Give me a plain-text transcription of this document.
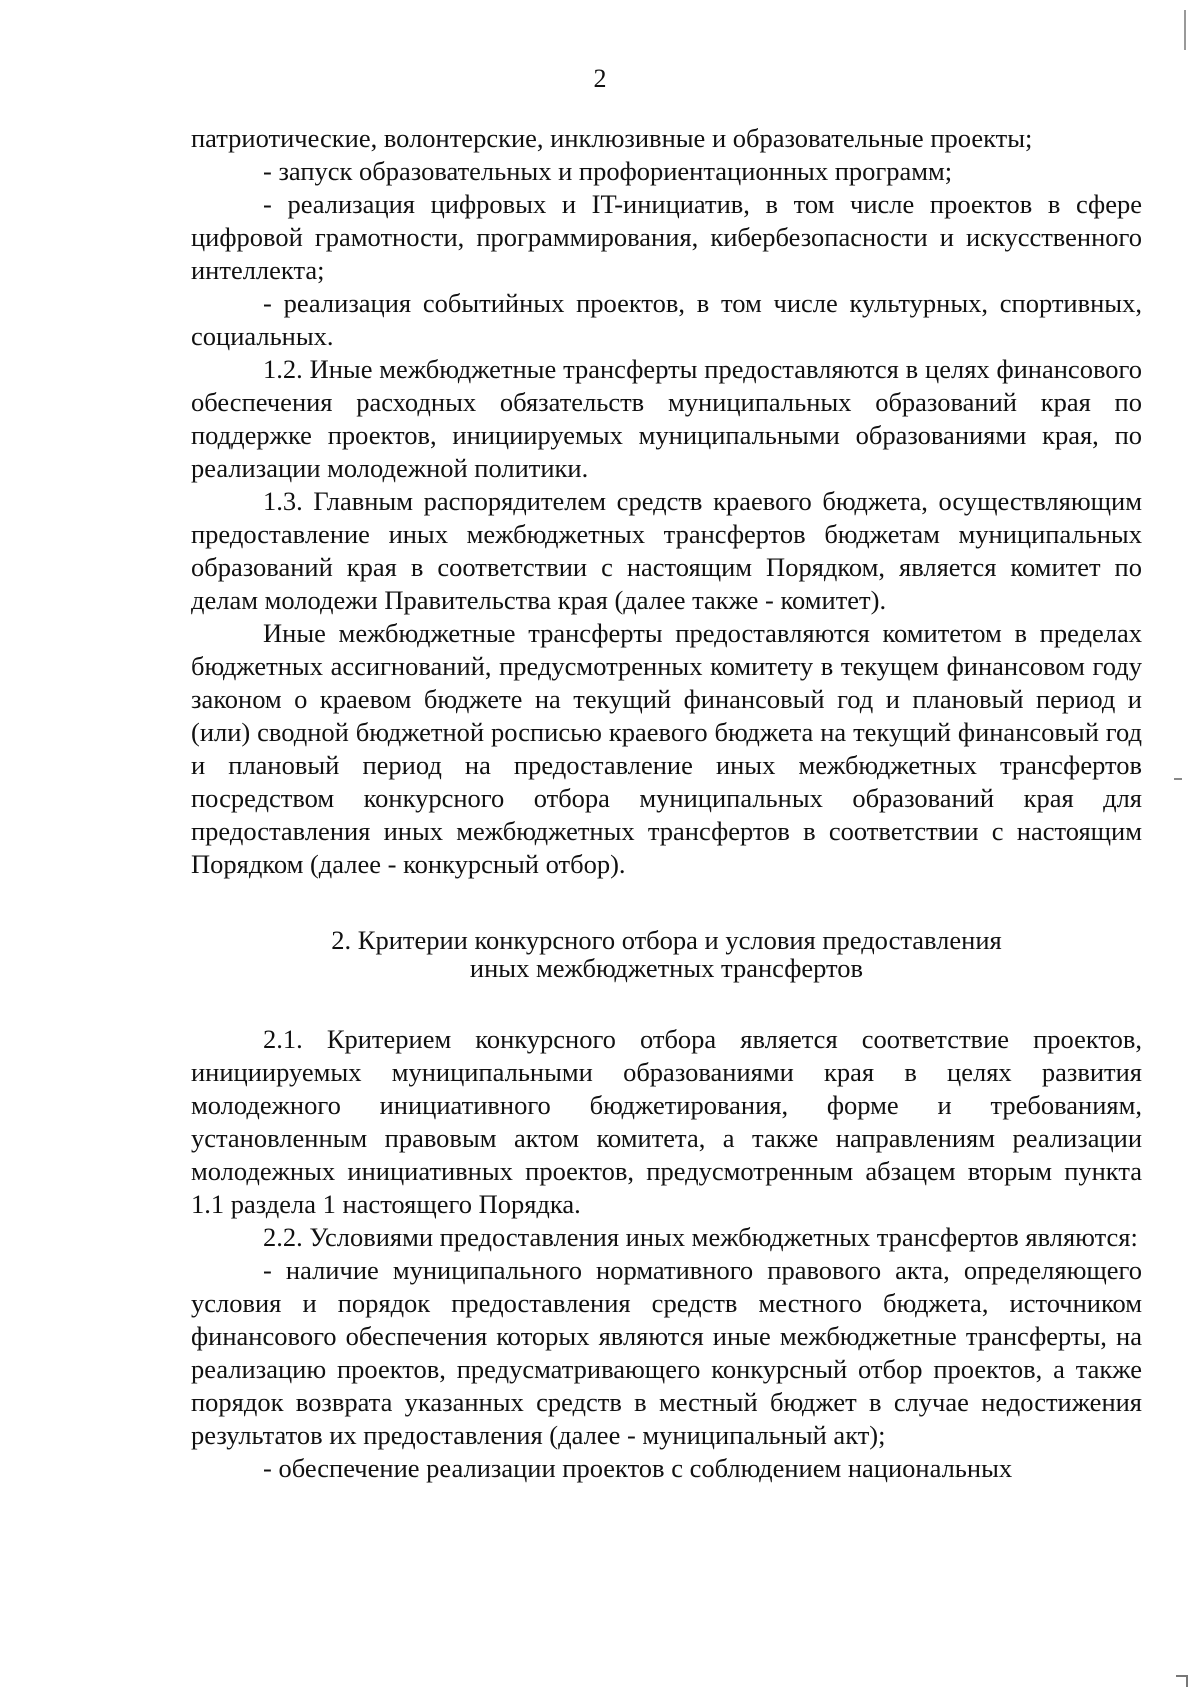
2

патриотические, волонтерские, инклюзивные и образовательные проекты;

- запуск образовательных и профориентационных программ;

- реализация цифровых и IT-инициатив, в том числе проектов в сфере цифровой грамотности, программирования, кибербезопасности и искусственного интеллекта;

- реализация событийных проектов, в том числе культурных, спортивных, социальных.

1.2. Иные межбюджетные трансферты предоставляются в целях финансового обеспечения расходных обязательств муниципальных образований края по поддержке проектов, инициируемых муниципальными образованиями края, по реализации молодежной политики.

1.3. Главным распорядителем средств краевого бюджета, осуществляющим предоставление иных межбюджетных трансфертов бюджетам муниципальных образований края в соответствии с настоящим Порядком, является комитет по делам молодежи Правительства края (далее также - комитет).

Иные межбюджетные трансферты предоставляются комитетом в пределах бюджетных ассигнований, предусмотренных комитету в текущем финансовом году законом о краевом бюджете на текущий финансовый год и плановый период и (или) сводной бюджетной росписью краевого бюджета на текущий финансовый год и плановый период на предоставление иных межбюджетных трансфертов посредством конкурсного отбора муниципальных образований края для предоставления иных межбюджетных трансфертов в соответствии с настоящим Порядком (далее - конкурсный отбор).

2. Критерии конкурсного отбора и условия предоставления
иных межбюджетных трансфертов

2.1. Критерием конкурсного отбора является соответствие проектов, инициируемых муниципальными образованиями края в целях развития молодежного инициативного бюджетирования, форме и требованиям, установленным правовым актом комитета, а также направлениям реализации молодежных инициативных проектов, предусмотренным абзацем вторым пункта 1.1 раздела 1 настоящего Порядка.

2.2. Условиями предоставления иных межбюджетных трансфертов являются:

- наличие муниципального нормативного правового акта, определяющего условия и порядок предоставления средств местного бюджета, источником финансового обеспечения которых являются иные межбюджетные трансферты, на реализацию проектов, предусматривающего конкурсный отбор проектов, а также порядок возврата указанных средств в местный бюджет в случае недостижения результатов их предоставления (далее - муниципальный акт);

- обеспечение реализации проектов с соблюдением национальных
